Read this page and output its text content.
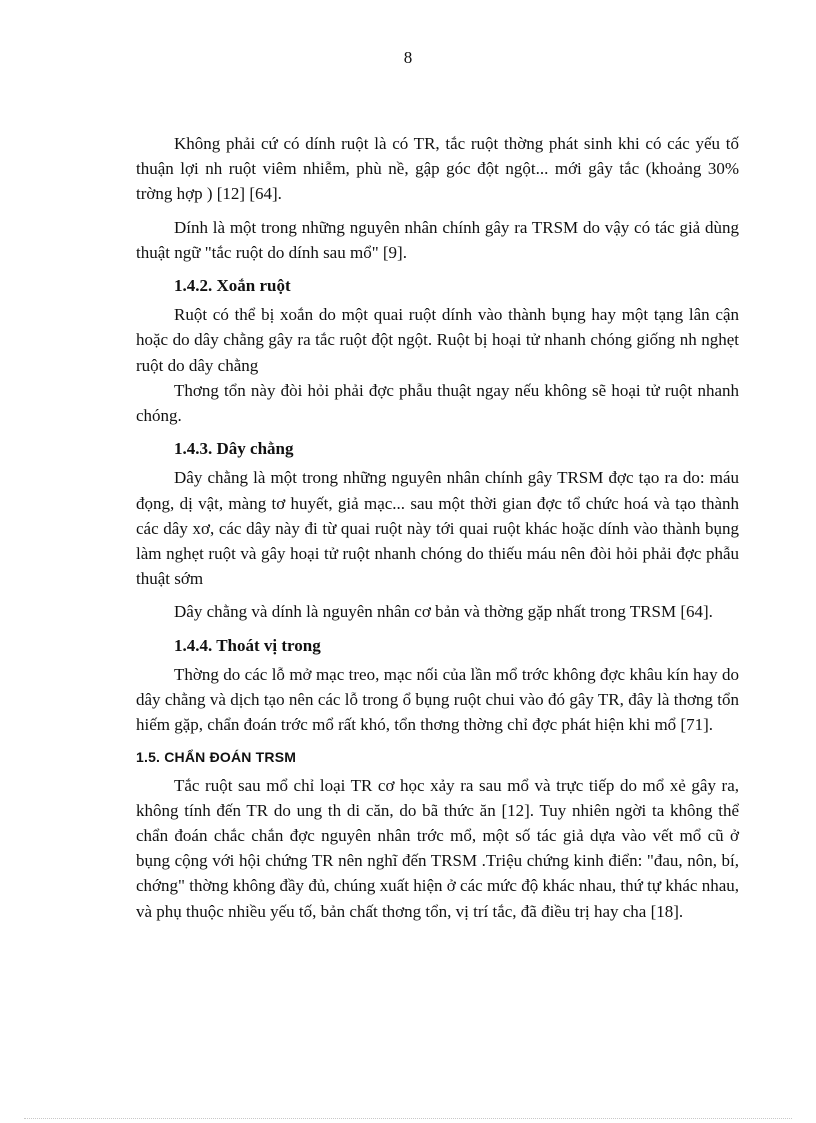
8

Không phải cứ có dính ruột là có TR, tắc ruột thờng phát sinh khi có các yếu tố thuận lợi nh ruột viêm nhiễm, phù nề, gập góc đột ngột... mới gây tắc (khoảng 30% trờng hợp ) [12] [64].

Dính là một trong những nguyên nhân chính gây ra TRSM do vậy có tác giả dùng thuật ngữ "tắc ruột do dính sau mổ" [9].

1.4.2. Xoắn ruột

Ruột có thể bị xoắn do một quai ruột dính vào thành bụng hay một tạng lân cận hoặc do dây chằng gây ra tắc ruột đột ngột. Ruột bị hoại tử nhanh chóng giống nh nghẹt ruột do dây chằng

Thơng tổn này đòi hỏi phải đợc phẫu thuật ngay nếu không sẽ hoại tử ruột nhanh chóng.

1.4.3. Dây chằng

Dây chằng là một trong những nguyên nhân chính gây TRSM đợc tạo ra do: máu đọng, dị vật, màng tơ huyết, giả mạc... sau một thời gian đợc tổ chức hoá và tạo thành các dây xơ, các dây này đi từ quai ruột này tới quai ruột khác hoặc dính vào thành bụng làm nghẹt ruột và gây hoại tử ruột nhanh chóng do thiếu máu nên đòi hỏi phải đợc phẫu thuật sớm

Dây chằng và dính là nguyên nhân cơ bản và thờng gặp nhất trong TRSM [64].

1.4.4. Thoát vị trong

Thờng do các lỗ mở mạc treo, mạc nối của lần mổ trớc không đợc khâu kín hay do dây chằng và dịch tạo nên các lỗ trong ổ bụng ruột chui vào đó gây TR, đây là thơng tổn hiếm gặp, chẩn đoán trớc mổ rất khó, tổn thơng thờng chỉ đợc phát hiện khi mổ [71].

1.5. CHẨN ĐOÁN TRSM

Tắc ruột sau mổ chỉ loại TR cơ học xảy ra sau mổ và trực tiếp do mổ xẻ gây ra, không tính đến TR do ung th di căn, do bã thức ăn [12]. Tuy nhiên ngời ta không thể chẩn đoán chắc chắn đợc nguyên nhân trớc mổ, một số tác giả dựa vào vết mổ cũ ở bụng cộng với hội chứng TR nên nghĩ đến TRSM .Triệu chứng kinh điển: "đau, nôn, bí, chớng" thờng không đầy đủ, chúng xuất hiện ở các mức độ khác nhau, thứ tự khác nhau, và phụ thuộc nhiều yếu tố, bản chất thơng tổn, vị trí tắc, đã điều trị hay cha [18].
